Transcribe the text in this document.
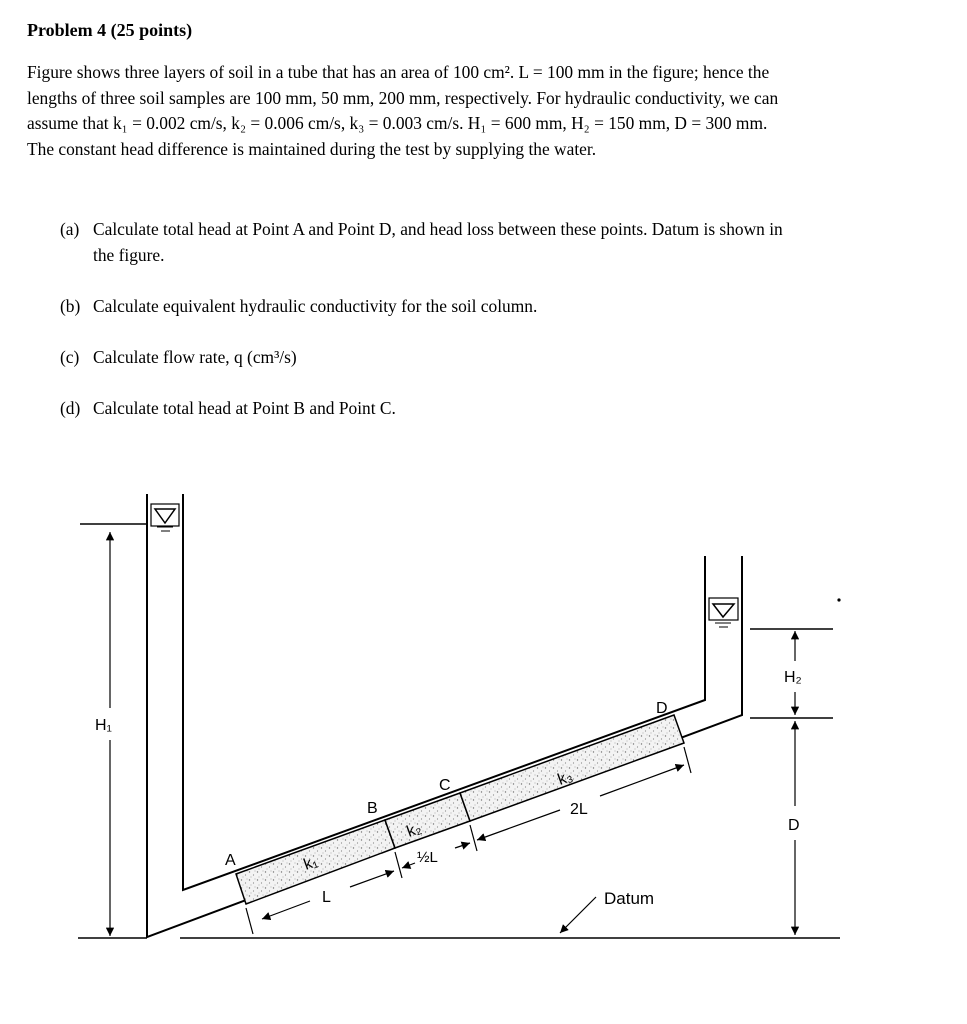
Problem 4 (25 points)
Figure shows three layers of soil in a tube that has an area of 100 cm². L = 100 mm in the figure; hence the
lengths of three soil samples are 100 mm, 50 mm, 200 mm, respectively. For hydraulic conductivity, we can
assume that k₁ = 0.002 cm/s, k₂ = 0.006 cm/s, k₃ = 0.003 cm/s. H₁ = 600 mm, H₂ = 150 mm, D = 300 mm.
The constant head difference is maintained during the test by supplying the water.
(a) Calculate total head at Point A and Point D, and head loss between these points. Datum is shown in
the figure.
(b) Calculate equivalent hydraulic conductivity for the soil column.
(c) Calculate flow rate, q (cm³/s)
(d) Calculate total head at Point B and Point C.
H₁
H₂
D
A
B
C
D
k₁
k₂
k₃
L
½L
2L
Datum
